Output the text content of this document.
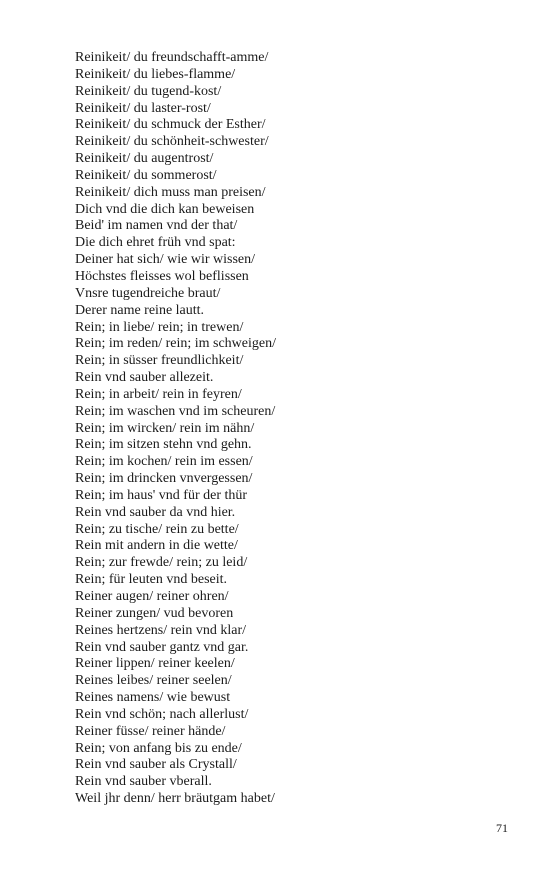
Reinikeit/ du freundschafft-amme/
Reinikeit/ du liebes-flamme/
Reinikeit/ du tugend-kost/
Reinikeit/ du laster-rost/
Reinikeit/ du schmuck der Esther/
Reinikeit/ du schönheit-schwester/
Reinikeit/ du augentrost/
Reinikeit/ du sommerost/
Reinikeit/ dich muss man preisen/
Dich vnd die dich kan beweisen
Beid' im namen vnd der that/
Die dich ehret früh vnd spat:
Deiner hat sich/ wie wir wissen/
Höchstes fleisses wol beflissen
Vnsre tugendreiche braut/
Derer name reine lautt.
Rein; in liebe/ rein; in trewen/
Rein; im reden/ rein; im schweigen/
Rein; in süsser freundlichkeit/
Rein vnd sauber allezeit.
Rein; in arbeit/ rein in feyren/
Rein; im waschen vnd im scheuren/
Rein; im wircken/ rein im nähn/
Rein; im sitzen stehn vnd gehn.
Rein; im kochen/ rein im essen/
Rein; im drincken vnvergessen/
Rein; im haus' vnd für der thür
Rein vnd sauber da vnd hier.
Rein; zu tische/ rein zu bette/
Rein mit andern in die wette/
Rein; zur frewde/ rein; zu leid/
Rein; für leuten vnd beseit.
Reiner augen/ reiner ohren/
Reiner zungen/ vud bevoren
Reines hertzens/ rein vnd klar/
Rein vnd sauber gantz vnd gar.
Reiner lippen/ reiner keelen/
Reines leibes/ reiner seelen/
Reines namens/ wie bewust
Rein vnd schön; nach allerlust/
Reiner füsse/ reiner hände/
Rein; von anfang bis zu ende/
Rein vnd sauber als Crystall/
Rein vnd sauber vberall.
Weil jhr denn/ herr bräutgam habet/
71
